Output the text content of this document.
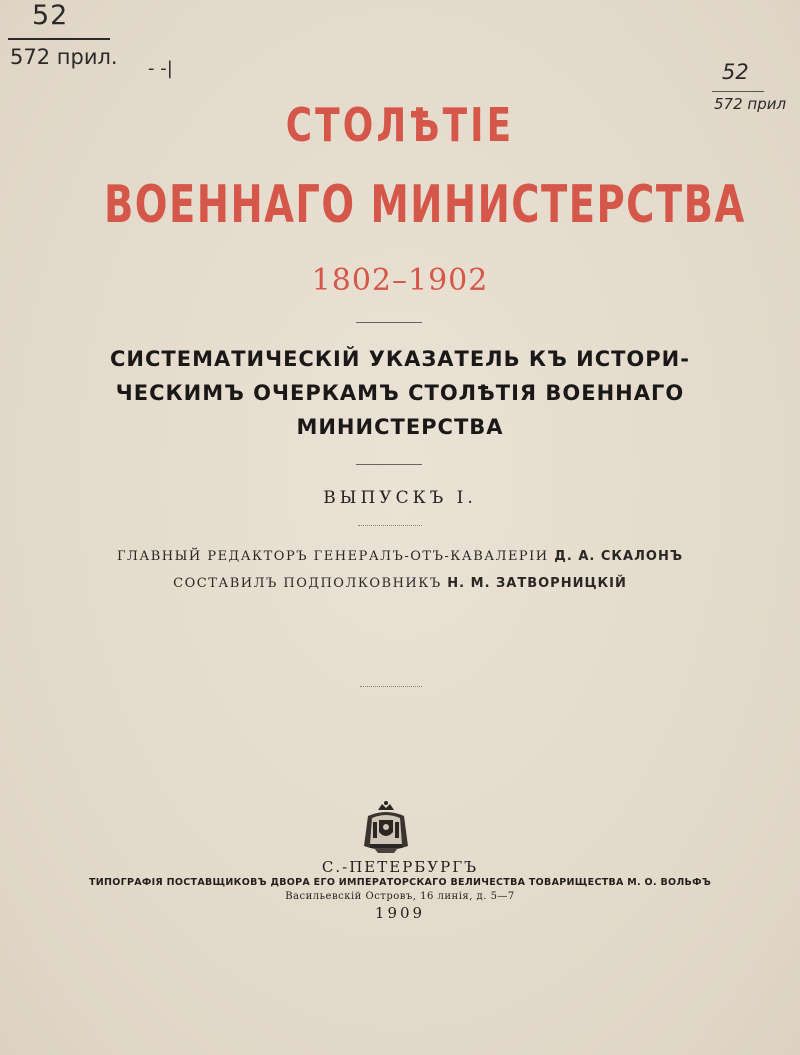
52
572 прил. - -|	52
572 прил
СТОЛѢТІЕ
ВОЕННАГО МИНИСТЕРСТВА
1802–1902
СИСТЕМАТИЧЕСКІЙ УКАЗАТЕЛЬ КЪ ИСТОРИ-
ЧЕСКИМЪ ОЧЕРКАМЪ СТОЛѢТІЯ ВОЕННАГО
МИНИСТЕРСТВА
ВЫПУСКЪ I.
ГЛАВНЫЙ РЕДАКТОРЪ ГЕНЕРАЛЪ-ОТЪ-КАВАЛЕРІИ Д. А. СКАЛОНЪ
СОСТАВИЛЪ ПОДПОЛКОВНИКЪ Н. М. ЗАТВОРНИЦКІЙ
С.-ПЕТЕРБУРГЪ
ТИПОГРАФІЯ ПОСТАВЩИКОВЪ ДВОРА ЕГО ИМПЕРАТОРСКАГО ВЕЛИЧЕСТВА ТОВАРИЩЕСТВА М. О. ВОЛЬФЪ
Васильевскій Островъ, 16 линія, д. 5—7
1909
